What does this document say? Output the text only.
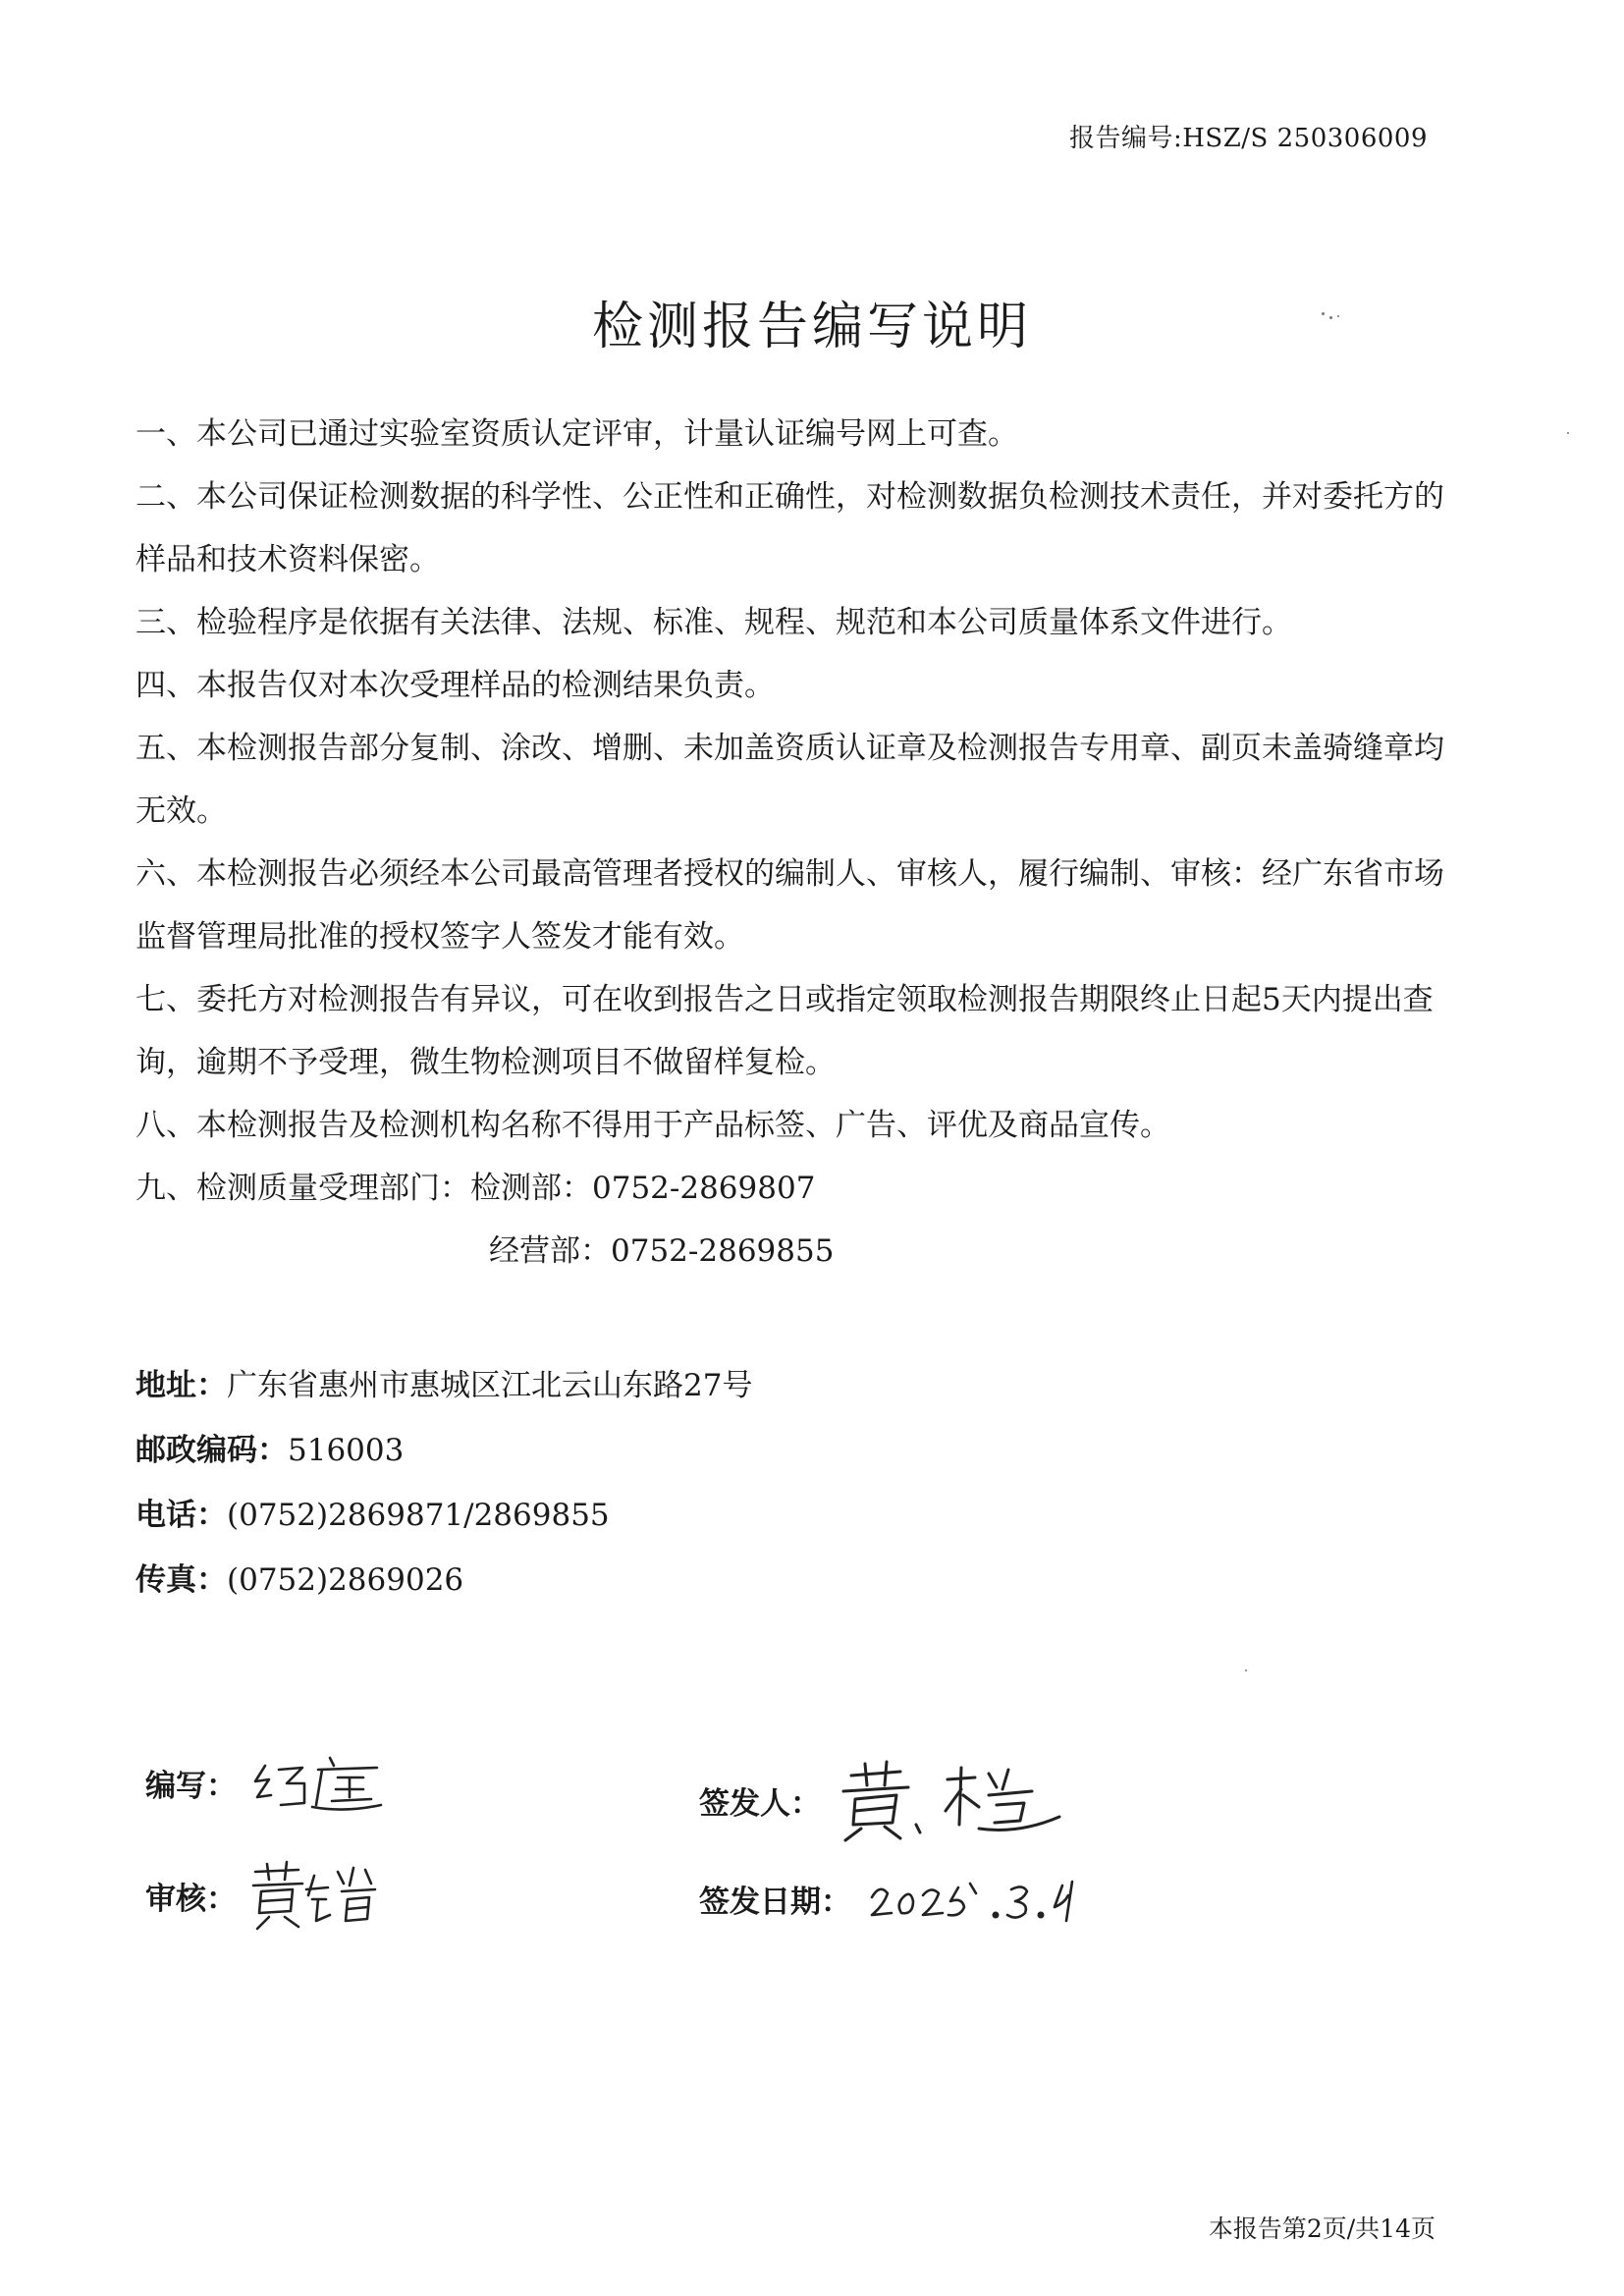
报告编号:HSZ/S 250306009
检测报告编写说明

一、本公司已通过实验室资质认定评审，计量认证编号网上可查。

二、本公司保证检测数据的科学性、公正性和正确性，对检测数据负检测技术责任，并对委托方的样品和技术资料保密。

三、检验程序是依据有关法律、法规、标准、规程、规范和本公司质量体系文件进行。

四、本报告仅对本次受理样品的检测结果负责。

五、本检测报告部分复制、涂改、增删、未加盖资质认证章及检测报告专用章、副页未盖骑缝章均无效。

六、本检测报告必须经本公司最高管理者授权的编制人、审核人，履行编制、审核：经广东省市场监督管理局批准的授权签字人签发才能有效。

七、委托方对检测报告有异议，可在收到报告之日或指定领取检测报告期限终止日起5天内提出查询，逾期不予受理，微生物检测项目不做留样复检。

八、本检测报告及检测机构名称不得用于产品标签、广告、评优及商品宣传。

九、检测质量受理部门：检测部：0752-2869807

经营部：0752-2869855

地址：广东省惠州市惠城区江北云山东路27号
邮政编码：516003
电话：(0752)2869871/2869855
传真：(0752)2869026
编写：
审核：
签发人：
签发日期：
本报告第2页/共14页
